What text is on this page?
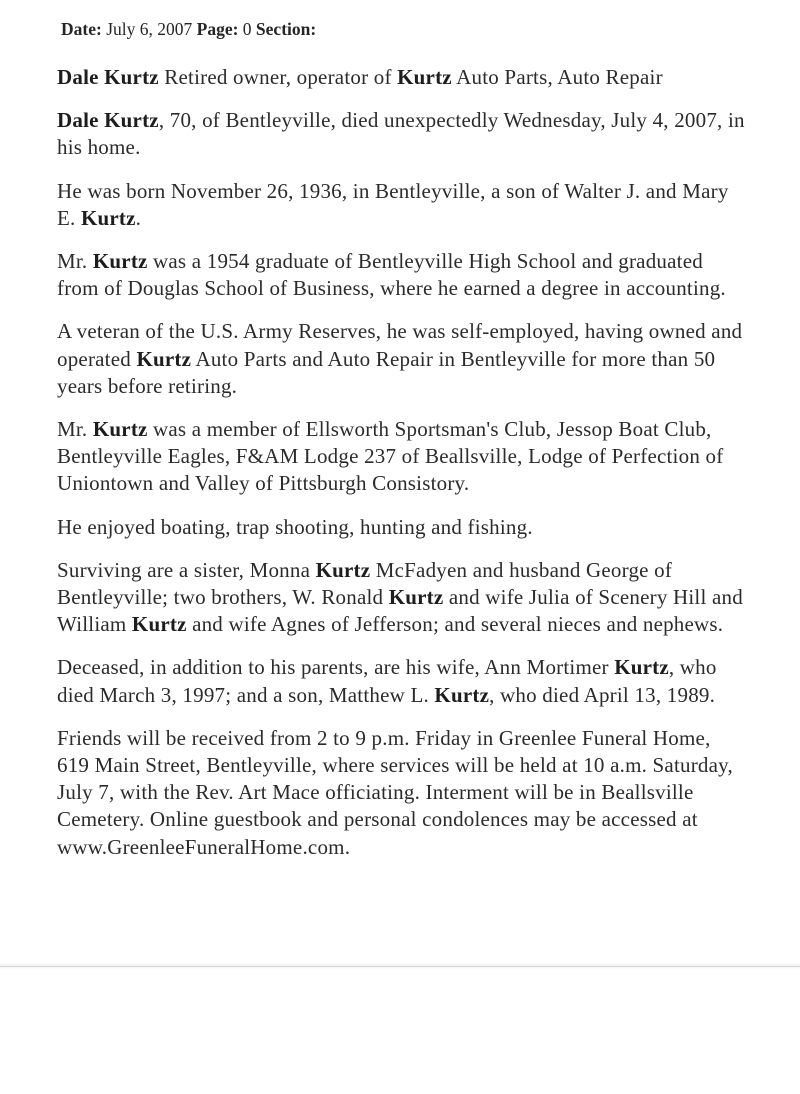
Date: July 6, 2007 Page: 0 Section:

Dale Kurtz Retired owner, operator of Kurtz Auto Parts, Auto Repair

Dale Kurtz, 70, of Bentleyville, died unexpectedly Wednesday, July 4, 2007, in his home.

He was born November 26, 1936, in Bentleyville, a son of Walter J. and Mary E. Kurtz.

Mr. Kurtz was a 1954 graduate of Bentleyville High School and graduated from of Douglas School of Business, where he earned a degree in accounting.

A veteran of the U.S. Army Reserves, he was self-employed, having owned and operated Kurtz Auto Parts and Auto Repair in Bentleyville for more than 50 years before retiring.

Mr. Kurtz was a member of Ellsworth Sportsman's Club, Jessop Boat Club, Bentleyville Eagles, F&AM Lodge 237 of Beallsville, Lodge of Perfection of Uniontown and Valley of Pittsburgh Consistory.

He enjoyed boating, trap shooting, hunting and fishing.

Surviving are a sister, Monna Kurtz McFadyen and husband George of Bentleyville; two brothers, W. Ronald Kurtz and wife Julia of Scenery Hill and William Kurtz and wife Agnes of Jefferson; and several nieces and nephews.

Deceased, in addition to his parents, are his wife, Ann Mortimer Kurtz, who died March 3, 1997; and a son, Matthew L. Kurtz, who died April 13, 1989.

Friends will be received from 2 to 9 p.m. Friday in Greenlee Funeral Home, 619 Main Street, Bentleyville, where services will be held at 10 a.m. Saturday, July 7, with the Rev. Art Mace officiating. Interment will be in Beallsville Cemetery. Online guestbook and personal condolences may be accessed at www.GreenleeFuneralHome.com.
